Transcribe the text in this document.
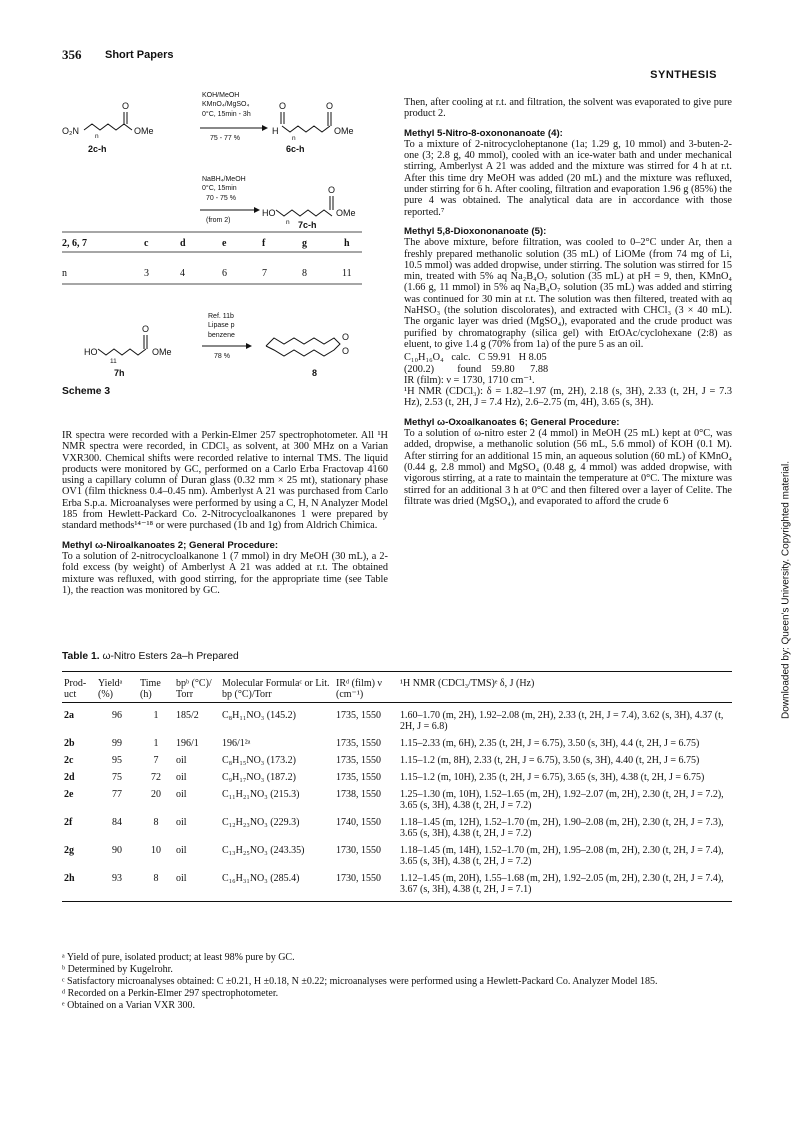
356 Short Papers
SYNTHESIS
O₂N
n
O
OMe
2c-h
KOH/MeOH
KMnO₄/MgSO₄
0°C, 15min - 3h
75 - 77 %
H
O
n
O
OMe
6c-h
NaBH₄/MeOH
0°C, 15min
70 - 75 %
(from 2)
HO
n
O
OMe
7c-h
2, 6, 7	c	d	e	f	g	h
n	3	4	6	7	8	11
HO
11
O
OMe
7h
Ref. 11b
Lipase p
benzene
78 %
O
O
8
Scheme 3

IR spectra were recorded with a Perkin-Elmer 257 spectrophotometer. All ¹H NMR spectra were recorded, in CDCl₃ as solvent, at 300 MHz on a Varian VXR300. Chemical shifts were recorded relative to internal TMS. The liquid products were monitored by GC, performed on a Carlo Erba Fractovap 4160 using a capillary column of Duran glass (0.32 mm × 25 mt), stationary phase OV1 (film thickness 0.4–0.45 nm). Amberlyst A 21 was purchased from Carlo Erba S.p.a. Microanalyses were performed by using a C, H, N Analyzer Model 185 from Hewlett-Packard Co. 2-Nitrocycloalkanones 1 were prepared by standard methods¹⁴⁻¹⁸ or were purchased (1b and 1g) from Aldrich Chimica.

Methyl ω-Niroalkanoates 2; General Procedure:

To a solution of 2-nitrocycloalkanone 1 (7 mmol) in dry MeOH (30 mL), a 2-fold excess (by weight) of Amberlyst A 21 was added at r.t. The obtained mixture was refluxed, with good stirring, for the appropriate time (see Table 1), the reaction was monitored by GC.

Then, after cooling at r.t. and filtration, the solvent was evaporated to give pure product 2.

Methyl 5-Nitro-8-oxononanoate (4):

To a mixture of 2-nitrocycloheptanone (1a; 1.29 g, 10 mmol) and 3-buten-2-one (3; 2.8 g, 40 mmol), cooled with an ice-water bath and under mechanical stirring, Amberlyst A 21 was added and the mixture was stirred for 4 h at r.t. After this time dry MeOH was added (20 mL) and the mixture was refluxed, under stirring for 6 h. After cooling, filtration and evaporation 1.96 g (85%) the pure 4 was obtained. The analytical data are in accordance with those reported.⁷

Methyl 5,8-Dioxononanoate (5):

The above mixture, before filtration, was cooled to 0–2°C under Ar, then a freshly prepared methanolic solution (35 mL) of LiOMe (from 74 mg of Li, 10.5 mmol) was added dropwise, under stirring. The solution was stirred for 15 min, treated with 5% aq Na₂B₄O₇ solution (35 mL) at pH = 9, then, KMnO₄ (1.66 g, 11 mmol) in 5% aq Na₂B₄O₇ solution (35 mL) was added and stirring was continued for 30 min at r.t. The solution was then filtered, treated with aq NaHSO₃ (the solution discolorates), and extracted with CHCl₃ (3 × 40 mL). The organic layer was dried (MgSO₄), evaporated and the crude product was purified by chromatography (silica gel) with EtOAc/cyclohexane (2:8) as eluent, to give 1.4 g (70% from 1a) of the pure 5 as an oil.

C₁₀H₁₆O₄   calc.   C 59.91   H 8.05

(200.2)         found    59.80      7.88

IR (film): ν = 1730, 1710 cm⁻¹.

¹H NMR (CDCl₃): δ = 1.82–1.97 (m, 2H), 2.18 (s, 3H), 2.33 (t, 2H, J = 7.3 Hz), 2.53 (t, 2H, J = 7.4 Hz), 2.6–2.75 (m, 4H), 3.65 (s, 3H).

Methyl ω-Oxoalkanoates 6; General Procedure:

To a solution of ω-nitro ester 2 (4 mmol) in MeOH (25 mL) kept at 0°C, was added, dropwise, a methanolic solution (56 mL, 5.6 mmol) of KOH (0.1 M). After stirring for an additional 15 min, an aqueous solution (60 mL) of KMnO₄ (0.44 g, 2.8 mmol) and MgSO₄ (0.48 g, 4 mmol) was added dropwise, with vigorous stirring, at a rate to maintain the temperature at 0°C. The mixture was stirred for an additional 3 h at 0°C and then filtered over a layer of Celite. The filtrate was dried (MgSO₄), and evaporated to afford the crude 6

Table 1. ω-Nitro Esters 2a–h Prepared
Prod- uct	Yieldᵃ (%)	Time (h)	bpᵇ (°C)/ Torr	Molecular Formulaᶜ or Lit. bp (°C)/Torr	IRᵈ (film) ν (cm⁻¹)	¹H NMR (CDCl₃/TMS)ᵉ δ, J (Hz)
2a	96	1	185/2	C₈H₁₁NO₃ (145.2)	1735, 1550	1.60–1.70 (m, 2H), 1.92–2.08 (m, 2H), 2.33 (t, 2H, J = 7.4), 3.62 (s, 3H), 4.37 (t, 2H, J = 6.8)
2b	99	1	196/1	196/1²ᵃ	1735, 1550	1.15–2.33 (m, 6H), 2.35 (t, 2H, J = 6.75), 3.50 (s, 3H), 4.4 (t, 2H, J = 6.75)
2c	95	7	oil	C₈H₁₅NO₃ (173.2)	1735, 1550	1.15–1.2 (m, 8H), 2.33 (t, 2H, J = 6.75), 3.50 (s, 3H), 4.40 (t, 2H, J = 6.75)
2d	75	72	oil	C₉H₁₇NO₃ (187.2)	1735, 1550	1.15–1.2 (m, 10H), 2.35 (t, 2H, J = 6.75), 3.65 (s, 3H), 4.38 (t, 2H, J = 6.75)
2e	77	20	oil	C₁₁H₂₁NO₃ (215.3)	1738, 1550	1.25–1.30 (m, 10H), 1.52–1.65 (m, 2H), 1.92–2.07 (m, 2H), 2.30 (t, 2H, J = 7.2), 3.65 (s, 3H), 4.38 (t, 2H, J = 7.2)
2f	84	8	oil	C₁₂H₂₃NO₃ (229.3)	1740, 1550	1.18–1.45 (m, 12H), 1.52–1.70 (m, 2H), 1.90–2.08 (m, 2H), 2.30 (t, 2H, J = 7.3), 3.65 (s, 3H), 4.38 (t, 2H, J = 7.2)
2g	90	10	oil	C₁₃H₂₅NO₃ (243.35)	1730, 1550	1.18–1.45 (m, 14H), 1.52–1.70 (m, 2H), 1.95–2.08 (m, 2H), 2.30 (t, 2H, J = 7.4), 3.65 (s, 3H), 4.38 (t, 2H, J = 7.2)
2h	93	8	oil	C₁₆H₃₁NO₃ (285.4)	1730, 1550	1.12–1.45 (m, 20H), 1.55–1.68 (m, 2H), 1.92–2.05 (m, 2H), 2.30 (t, 2H, J = 7.4), 3.67 (s, 3H), 4.38 (t, 2H, J = 7.1)

ᵃ Yield of pure, isolated product; at least 98% pure by GC.

ᵇ Determined by Kugelrohr.

ᶜ Satisfactory microanalyses obtained: C ±0.21, H ±0.18, N ±0.22; microanalyses were performed using a Hewlett-Packard Co. Analyzer Model 185.

ᵈ Recorded on a Perkin-Elmer 297 spectrophotometer.

ᵉ Obtained on a Varian VXR 300.

Downloaded by: Queen's University. Copyrighted material.
